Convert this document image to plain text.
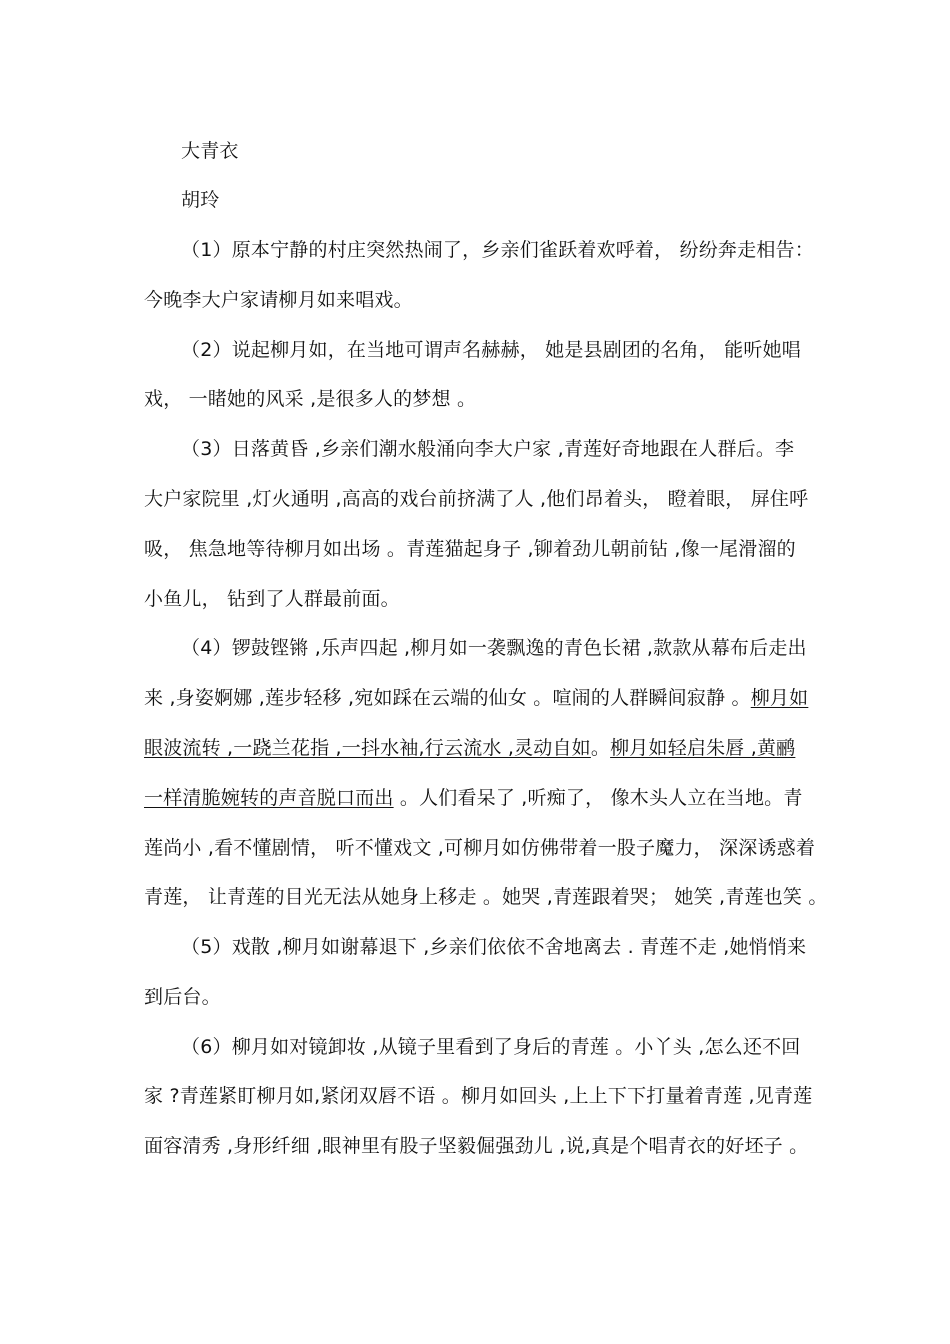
大青衣
胡玲
（1）原本宁静的村庄突然热闹了，乡亲们雀跃着欢呼着， 纷纷奔走相告：
今晚李大户家请柳月如来唱戏。
（2）说起柳月如，在当地可谓声名赫赫， 她是县剧团的名角， 能听她唱
戏， 一睹她的风采 ,是很多人的梦想 。
（3）日落黄昏 ,乡亲们潮水般涌向李大户家 ,青莲好奇地跟在人群后。李
大户家院里 ,灯火通明 ,高高的戏台前挤满了人 ,他们昂着头， 瞪着眼， 屏住呼
吸， 焦急地等待柳月如出场 。青莲猫起身子 ,铆着劲儿朝前钻 ,像一尾滑溜的
小鱼儿， 钻到了人群最前面。
（4）锣鼓铿锵 ,乐声四起 ,柳月如一袭飘逸的青色长裙 ,款款从幕布后走出
来 ,身姿婀娜 ,莲步轻移 ,宛如踩在云端的仙女 。喧闹的人群瞬间寂静 。柳月如
眼波流转 ,一跷兰花指 ,一抖水袖,行云流水 ,灵动自如。柳月如轻启朱唇 ,黄鹂
一样清脆婉转的声音脱口而出 。人们看呆了 ,听痴了， 像木头人立在当地。青
莲尚小 ,看不懂剧情， 听不懂戏文 ,可柳月如仿佛带着一股子魔力， 深深诱惑着
青莲， 让青莲的目光无法从她身上移走 。她哭 ,青莲跟着哭； 她笑 ,青莲也笑 。
（5）戏散 ,柳月如谢幕退下 ,乡亲们依依不舍地离去 . 青莲不走 ,她悄悄来
到后台。
（6）柳月如对镜卸妆 ,从镜子里看到了身后的青莲 。小丫头 ,怎么还不回
家 ?青莲紧盯柳月如,紧闭双唇不语 。柳月如回头 ,上上下下打量着青莲 ,见青莲
面容清秀 ,身形纤细 ,眼神里有股子坚毅倔强劲儿 ,说,真是个唱青衣的好坯子 。
